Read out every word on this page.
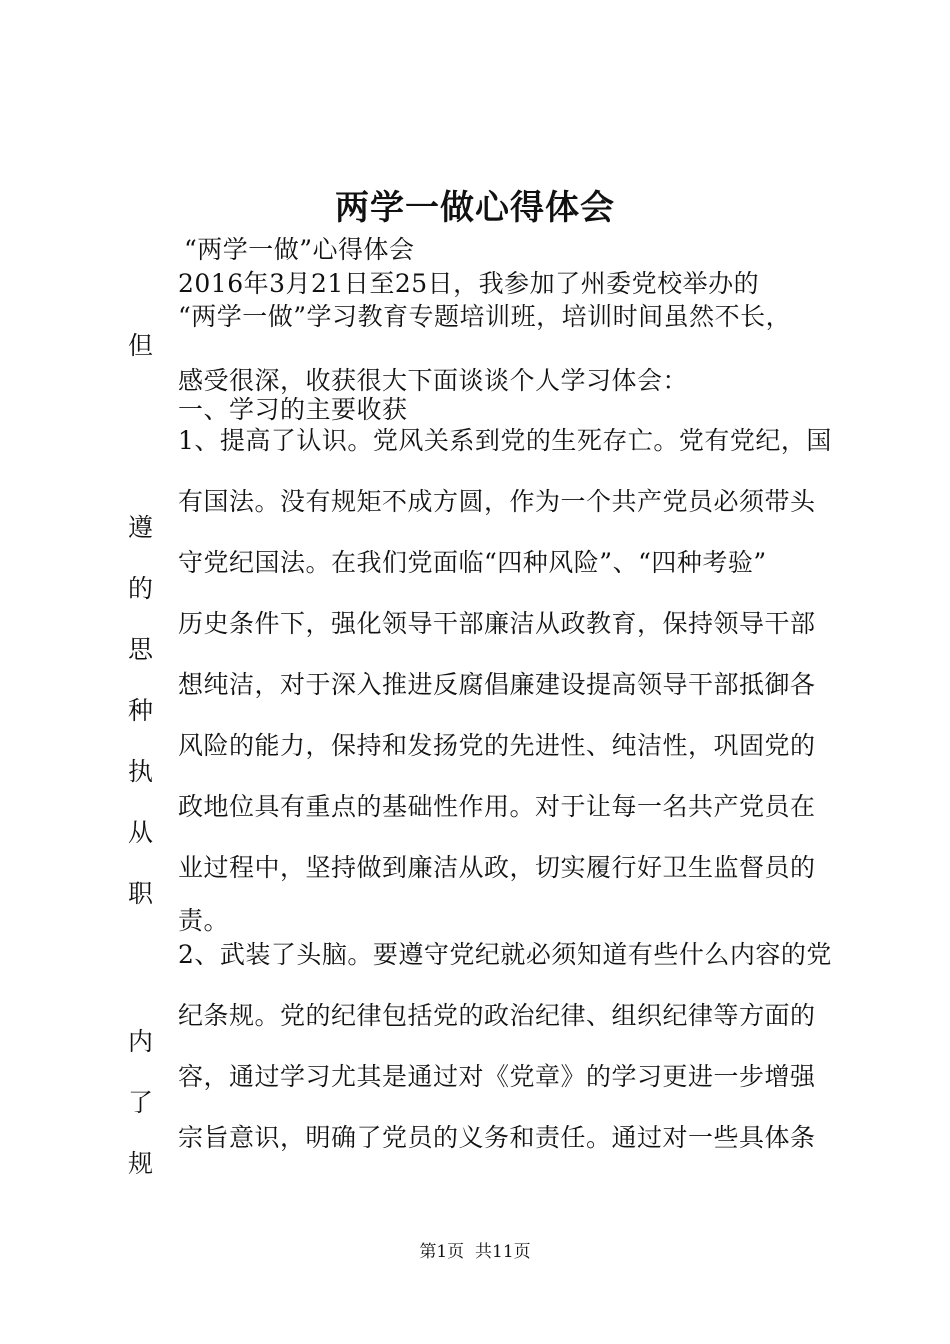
两学一做心得体会
“两学一做”心得体会
2016年3月21日至25日，我参加了州委党校举办的
“两学一做”学习教育专题培训班，培训时间虽然不长，
感受很深，收获很大下面谈谈个人学习体会：
一、学习的主要收获
1、提高了认识。党风关系到党的生死存亡。党有党纪，国
有国法。没有规矩不成方圆，作为一个共产党员必须带头
守党纪国法。在我们党面临“四种风险”、“四种考验”
历史条件下，强化领导干部廉洁从政教育，保持领导干部
想纯洁，对于深入推进反腐倡廉建设提高领导干部抵御各
风险的能力，保持和发扬党的先进性、纯洁性，巩固党的
政地位具有重点的基础性作用。对于让每一名共产党员在
业过程中，坚持做到廉洁从政，切实履行好卫生监督员的
责。
2、武装了头脑。要遵守党纪就必须知道有些什么内容的党
纪条规。党的纪律包括党的政治纪律、组织纪律等方面的
容，通过学习尤其是通过对《党章》的学习更进一步增强
宗旨意识，明确了党员的义务和责任。通过对一些具体条
但
遵
的
思
种
执
从
职
内
了
规
第1页 共11页
